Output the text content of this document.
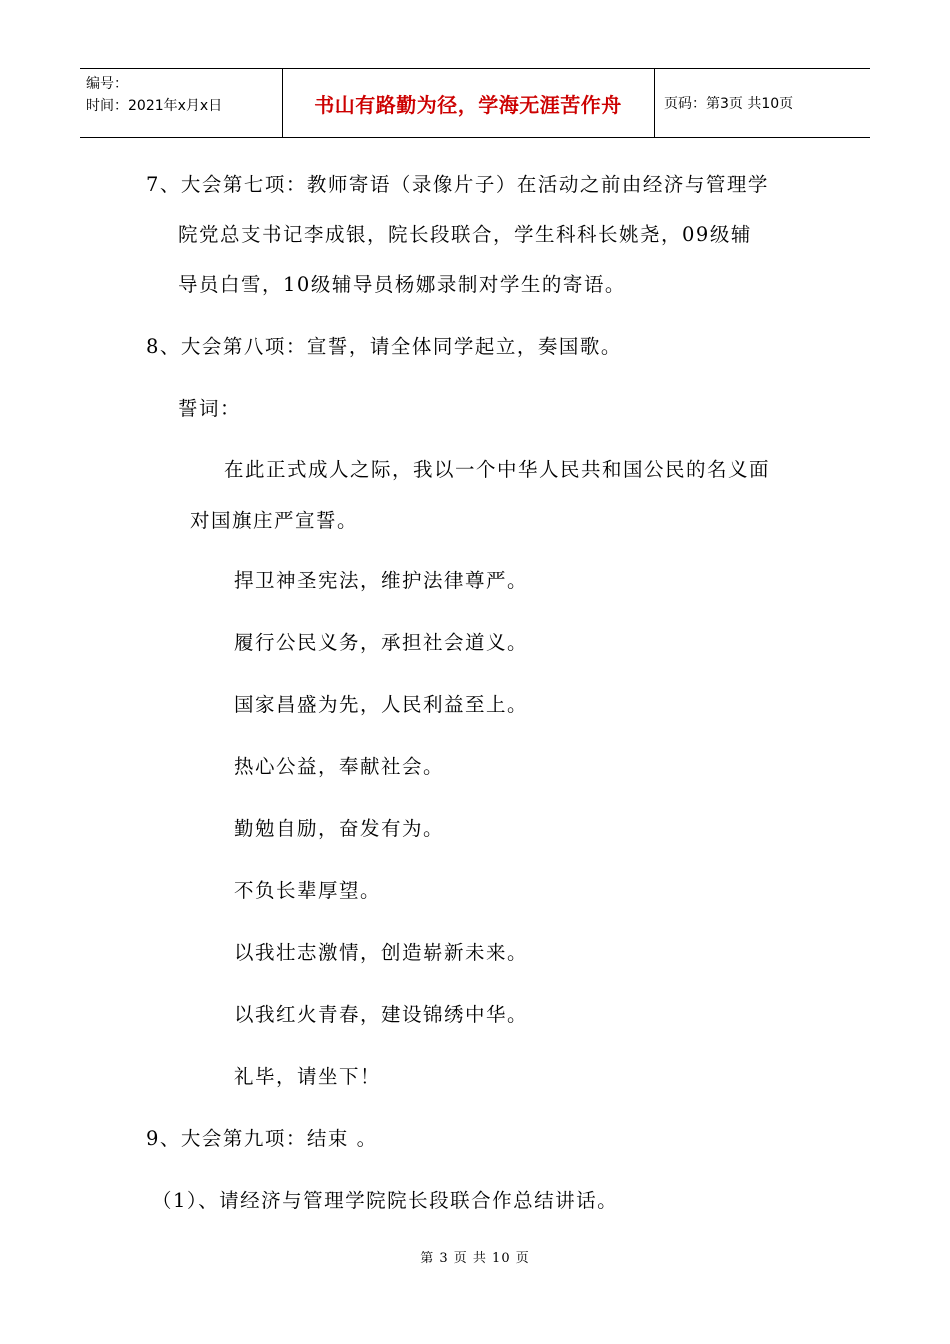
编号：
时间：2021年x月x日	书山有路勤为径，学海无涯苦作舟	页码：第3页 共10页
7、大会第七项：教师寄语（录像片子）在活动之前由经济与管理学
院党总支书记李成银，院长段联合，学生科科长姚尧，09级辅
导员白雪，10级辅导员杨娜录制对学生的寄语。
8、大会第八项：宣誓，请全体同学起立，奏国歌。
誓词：
在此正式成人之际，我以一个中华人民共和国公民的名义面
对国旗庄严宣誓。
捍卫神圣宪法，维护法律尊严。
履行公民义务，承担社会道义。
国家昌盛为先，人民利益至上。
热心公益，奉献社会。
勤勉自励，奋发有为。
不负长辈厚望。
以我壮志激情，创造崭新未来。
以我红火青春，建设锦绣中华。
礼毕，请坐下！
9、大会第九项：结束 。
（1）、请经济与管理学院院长段联合作总结讲话。
第 3 页 共 10 页
